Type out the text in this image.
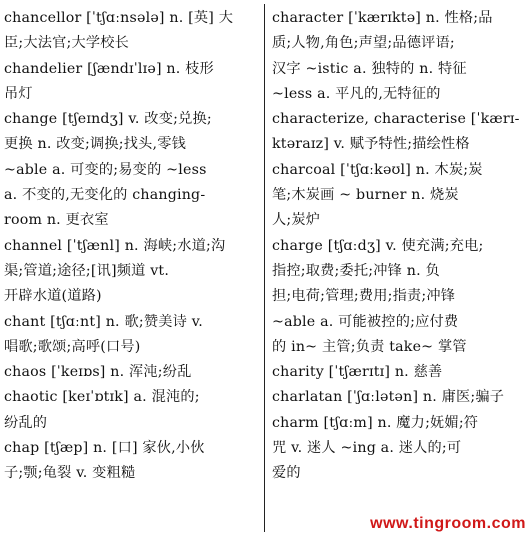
chancellor [ˈtʃɑːnsələ] n. [英] 大
臣;大法官;大学校长
chandelier [ʃændɪˈlɪə] n. 枝形
吊灯
change [tʃeɪndʒ] v. 改变;兑换;
更换 n. 改变;调换;找头,零钱
~able a. 可变的;易变的 ~less
a. 不变的,无变化的 changing-
room n. 更衣室
channel [ˈtʃænl] n. 海峡;水道;沟
渠;管道;途径;[讯]频道 vt.
开辟水道(道路)
chant [tʃɑːnt] n. 歌;赞美诗 v.
唱歌;歌颂;高呼(口号)
chaos [ˈkeɪɒs] n. 浑沌;纷乱
chaotic [keɪˈɒtɪk] a. 混沌的;
纷乱的
chap [tʃæp] n. [口] 家伙,小伙
子;颚;龟裂 v. 变粗糙
character [ˈkærɪktə] n. 性格;品
质;人物,角色;声望;品德评语;
汉字 ~istic a. 独特的 n. 特征
~less a. 平凡的,无特征的
characterize, characterise [ˈkærɪ-
ktəraɪz] v. 赋予特性;描绘性格
charcoal [ˈtʃɑːkəʊl] n. 木炭;炭
笔;木炭画 ~ burner n. 烧炭
人;炭炉
charge [tʃɑːdʒ] v. 使充满;充电;
指控;取费;委托;冲锋 n. 负
担;电荷;管理;费用;指责;冲锋
~able a. 可能被控的;应付费
的 in~ 主管;负责 take~ 掌管
charity [ˈtʃærɪtɪ] n. 慈善
charlatan [ˈʃɑːlətən] n. 庸医;骗子
charm [tʃɑːm] n. 魔力;妩媚;符
咒 v. 迷人 ~ing a. 迷人的;可
爱的
www.tingroom.com
